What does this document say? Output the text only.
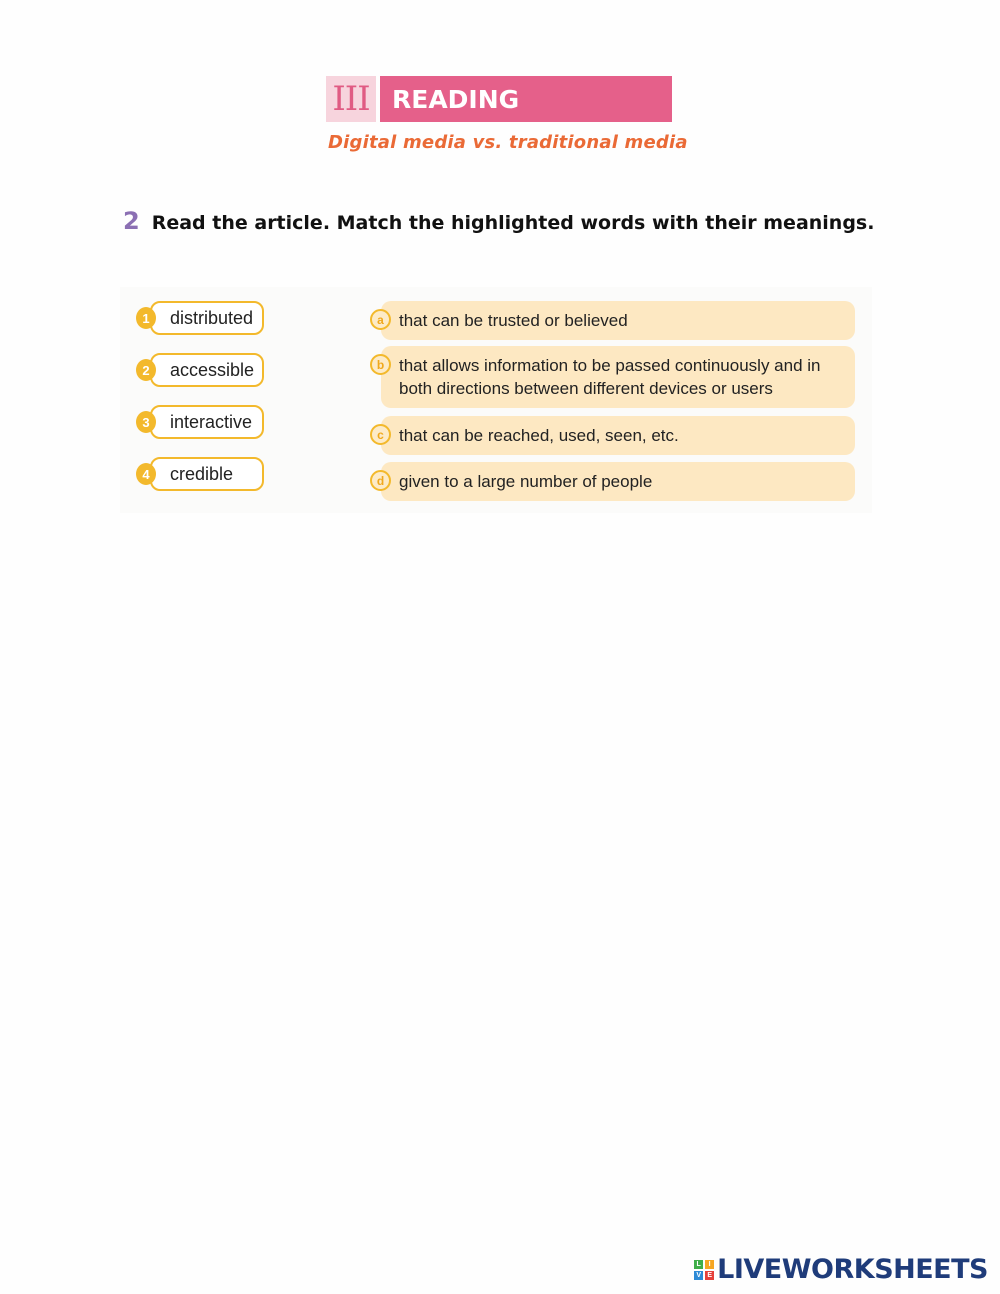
III READING
Digital media vs. traditional media
2 Read the article. Match the highlighted words with their meanings.
1	distributed
2	accessible
3	interactive
4	credible
a that can be trusted or believed
b that allows information to be passed continuously and in both directions between different devices or users
c that can be reached, used, seen, etc.
d given to a large number of people
L	I
V E LIVEWORKSHEETS
